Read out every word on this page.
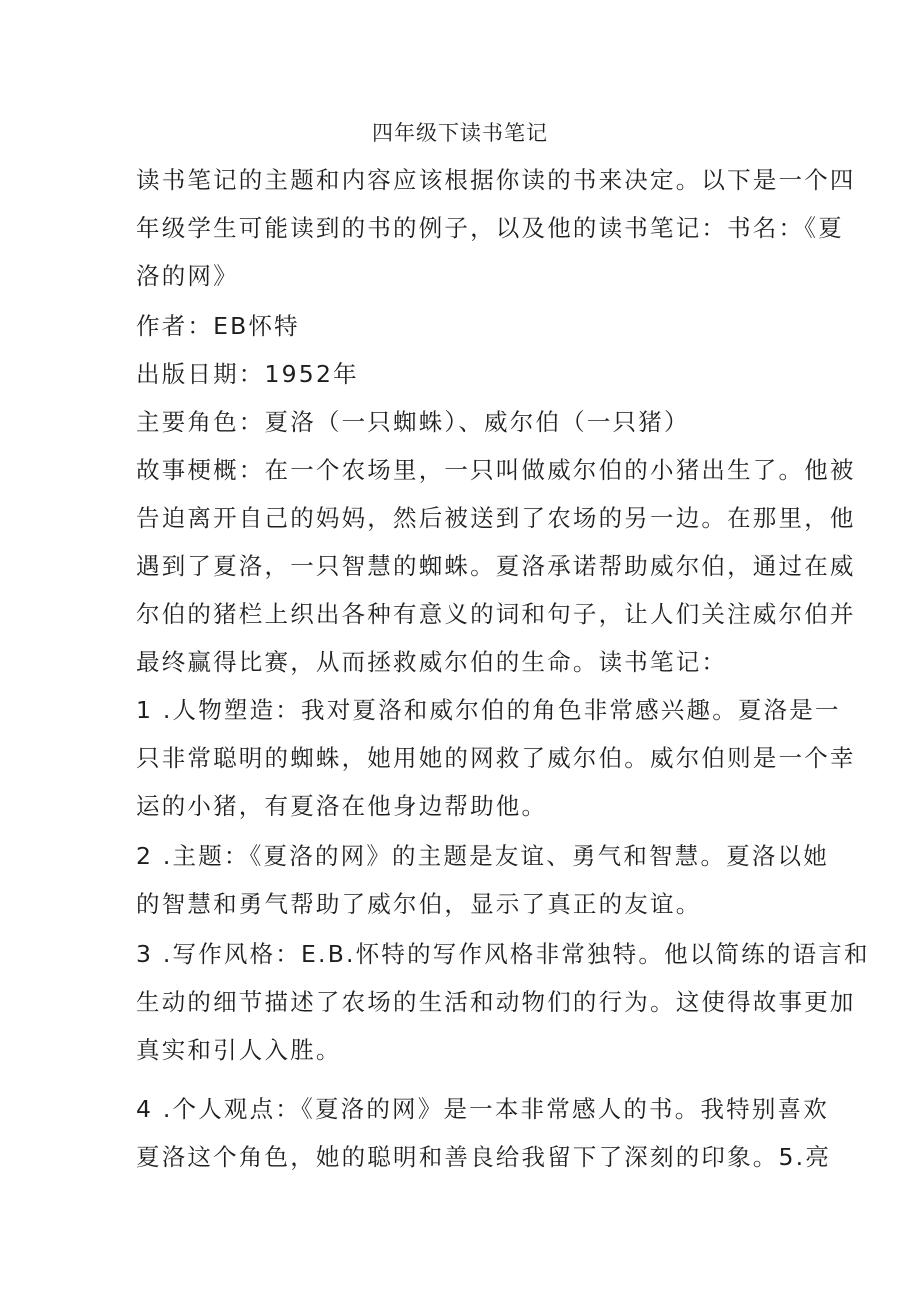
四年级下读书笔记

读书笔记的主题和内容应该根据你读的书来决定。以下是一个四
年级学生可能读到的书的例子，以及他的读书笔记：书名：《夏
洛的网》

作者：EB怀特

出版日期：1952年

主要角色：夏洛（一只蜘蛛）、威尔伯（一只猪）

故事梗概：在一个农场里，一只叫做威尔伯的小猪出生了。他被
告迫离开自己的妈妈，然后被送到了农场的另一边。在那里，他
遇到了夏洛，一只智慧的蜘蛛。夏洛承诺帮助威尔伯，通过在威
尔伯的猪栏上织出各种有意义的词和句子，让人们关注威尔伯并
最终赢得比赛，从而拯救威尔伯的生命。读书笔记：

1 .人物塑造：我对夏洛和威尔伯的角色非常感兴趣。夏洛是一
只非常聪明的蜘蛛，她用她的网救了威尔伯。威尔伯则是一个幸
运的小猪，有夏洛在他身边帮助他。

2 .主题：《夏洛的网》的主题是友谊、勇气和智慧。夏洛以她
的智慧和勇气帮助了威尔伯，显示了真正的友谊。

3 .写作风格：E.B.怀特的写作风格非常独特。他以简练的语言和
生动的细节描述了农场的生活和动物们的行为。这使得故事更加
真实和引人入胜。

4 .个人观点：《夏洛的网》是一本非常感人的书。我特别喜欢
夏洛这个角色，她的聪明和善良给我留下了深刻的印象。5.亮
